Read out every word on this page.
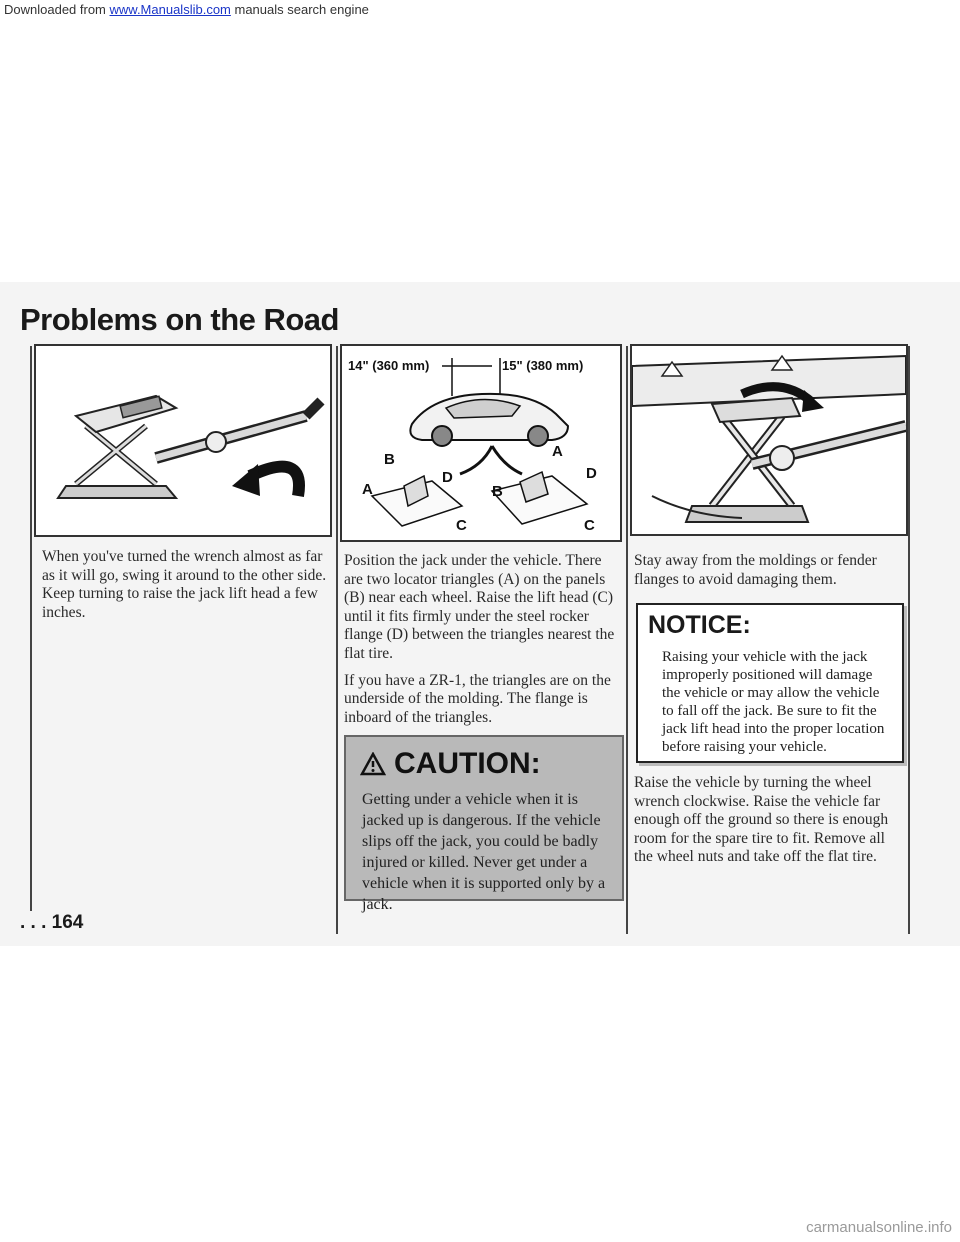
Downloaded from www.Manualslib.com manuals search engine
Problems on the Road
14" (360 mm)	15" (380 mm)
B
A
D
C
A
B
D
C

When you've turned the wrench almost as far as it will go, swing it around to the other side. Keep turning to raise the jack lift head a few inches.

Position the jack under the vehicle. There are two locator triangles (A) on the panels (B) near each wheel. Raise the lift head (C) until it fits firmly under the steel rocker flange (D) between the triangles nearest the flat tire.

If you have a ZR-1, the triangles are on the underside of the molding. The flange is inboard of the triangles.

CAUTION:
Getting under a vehicle when it is jacked up is dangerous. If the vehicle slips off the jack, you could be badly injured or killed. Never get under a vehicle when it is supported only by a jack.

Stay away from the moldings or fender flanges to avoid damaging them.

NOTICE:
Raising your vehicle with the jack improperly positioned will damage the vehicle or may allow the vehicle to fall off the jack. Be sure to fit the jack lift head into the proper location before raising your vehicle.

Raise the vehicle by turning the wheel wrench clockwise. Raise the vehicle far enough off the ground so there is enough room for the spare tire to fit. Remove all the wheel nuts and take off the flat tire.

. . . 164
carmanualsonline.info
